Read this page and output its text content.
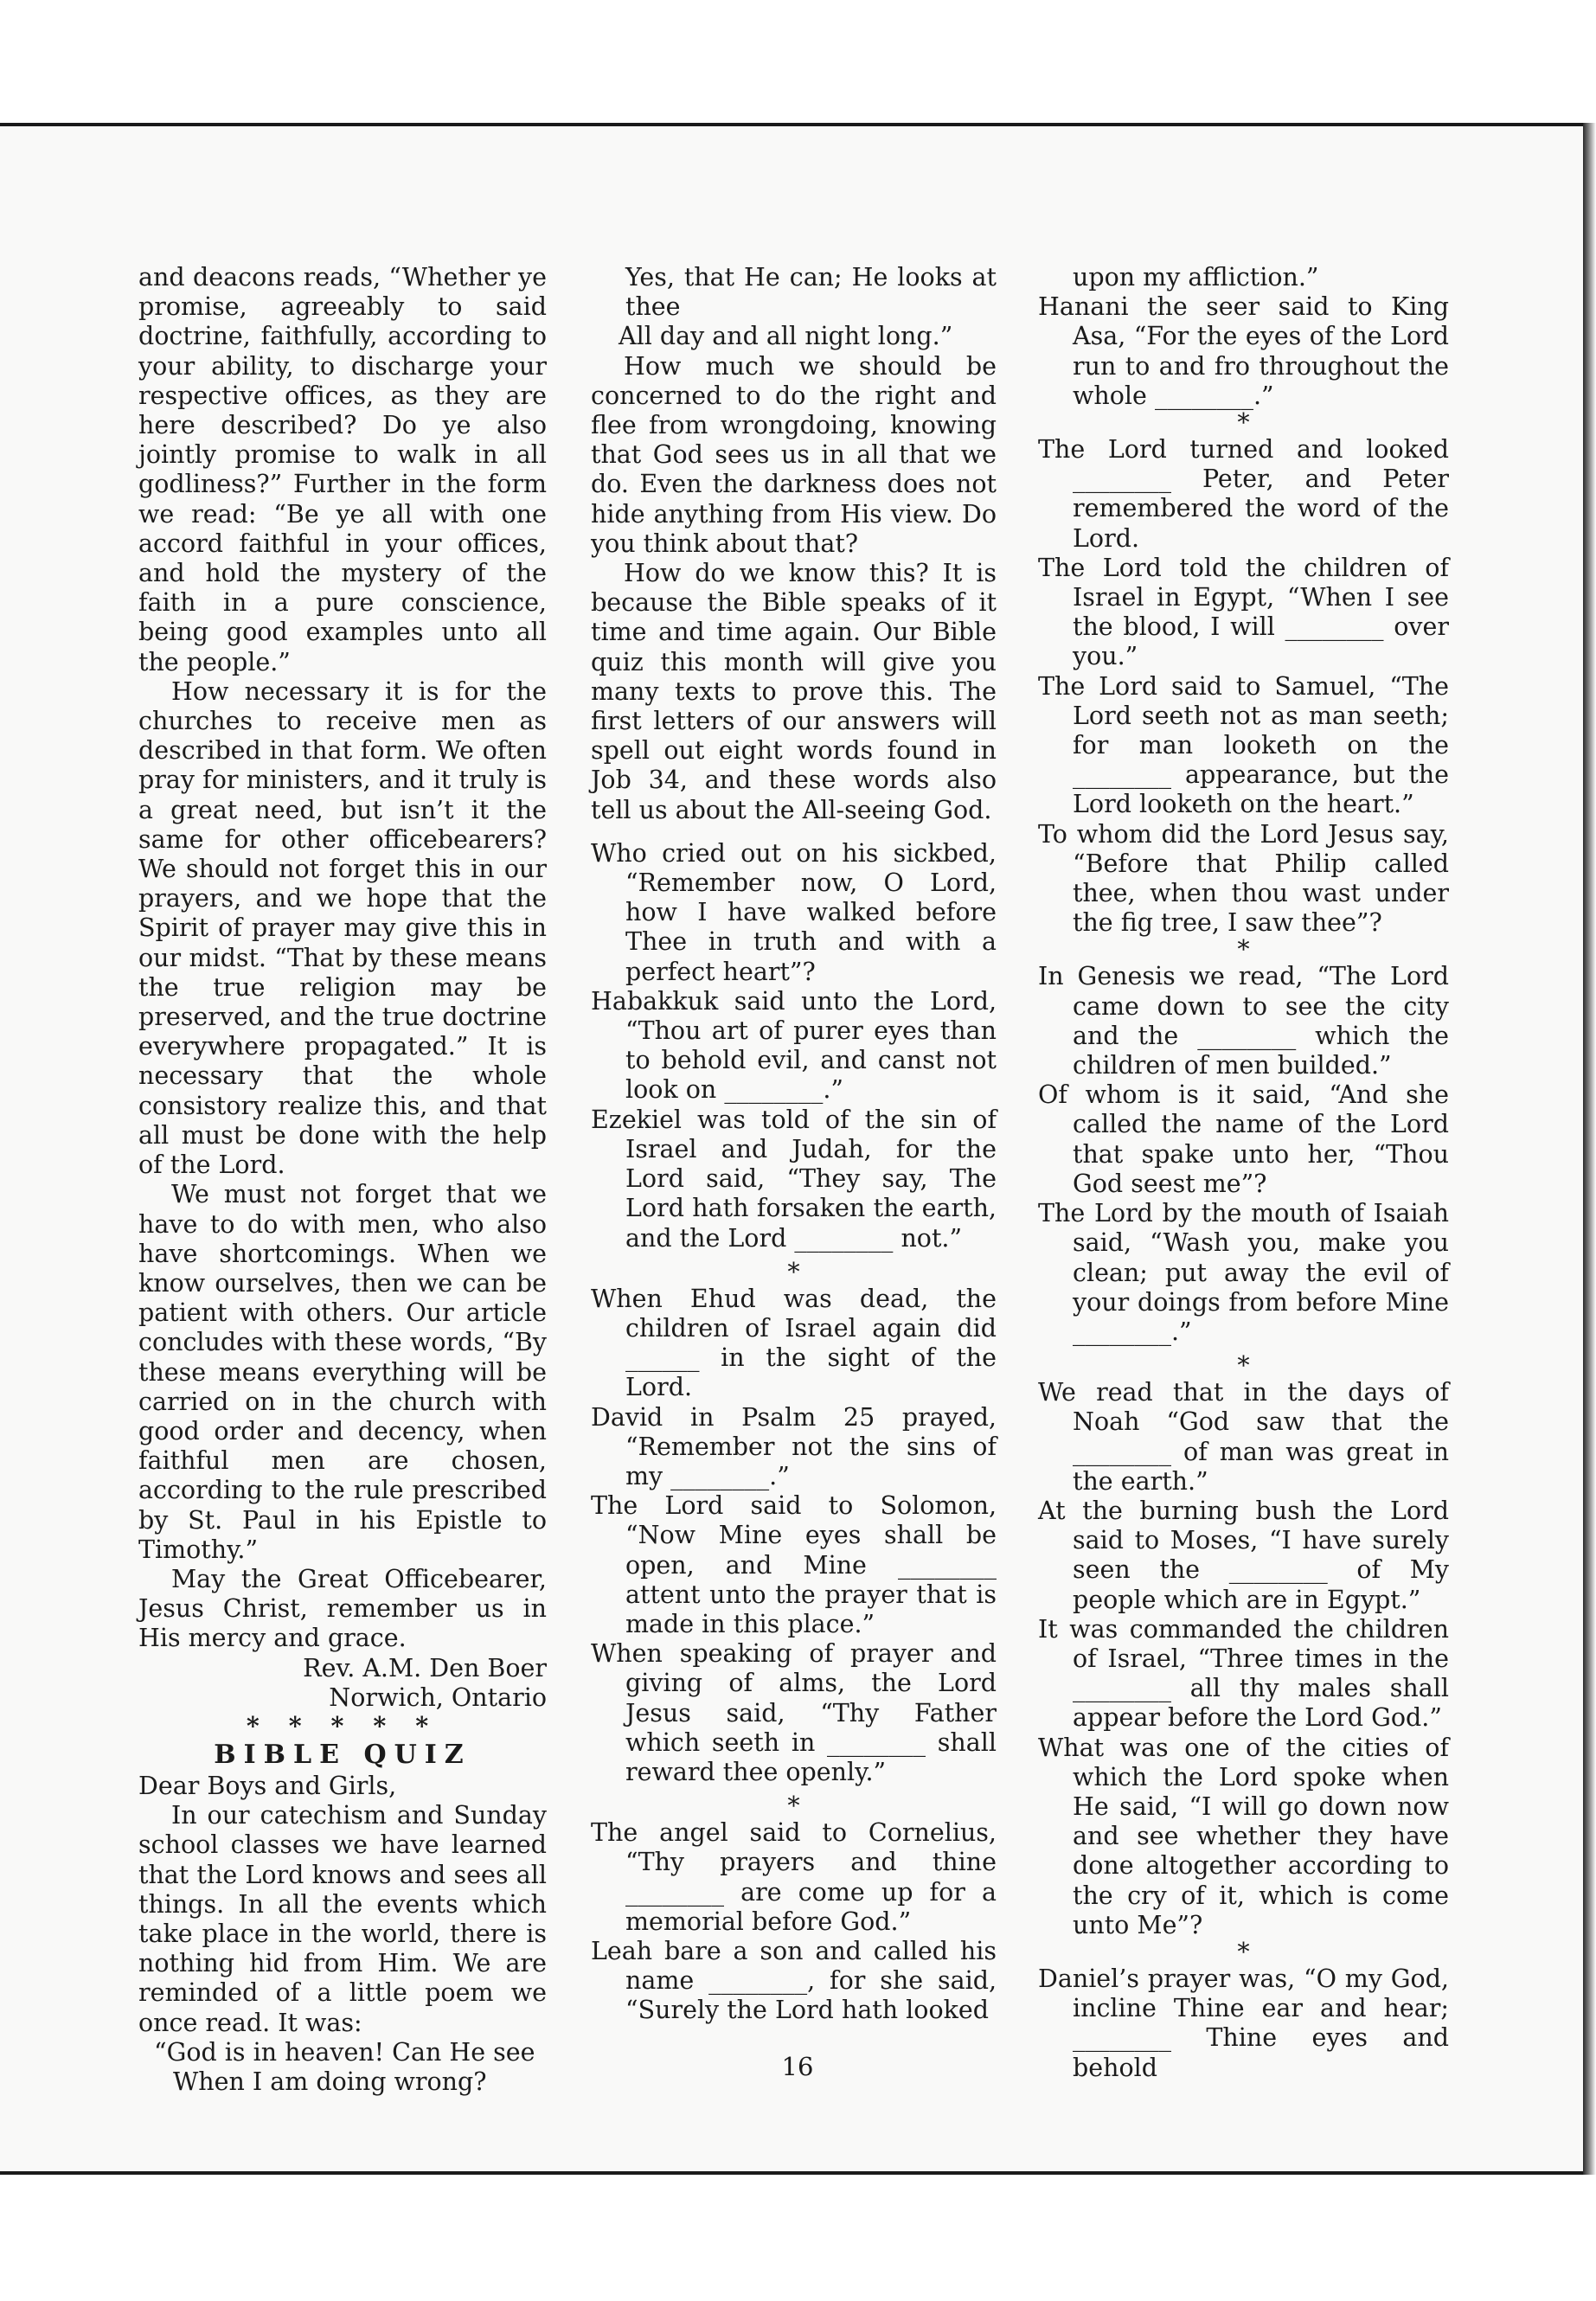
and deacons reads, “Whether ye promise, agreeably to said doctrine, faithfully, according to your ability, to discharge your respective offices, as they are here described? Do ye also jointly promise to walk in all godliness?” Further in the form we read: “Be ye all with one accord faithful in your offices, and hold the mystery of the faith in a pure conscience, being good examples unto all the people.”

How necessary it is for the churches to receive men as described in that form. We often pray for ministers, and it truly is a great need, but isn’t it the same for other officebearers? We should not forget this in our prayers, and we hope that the Spirit of prayer may give this in our midst. “That by these means the true religion may be preserved, and the true doctrine everywhere propagated.” It is necessary that the whole consistory realize this, and that all must be done with the help of the Lord.

We must not forget that we have to do with men, who also have shortcomings. When we know ourselves, then we can be patient with others. Our article concludes with these words, “By these means everything will be carried on in the church with good order and decency, when faithful men are chosen, according to the rule prescribed by St. Paul in his Epistle to Timothy.”

May the Great Officebearer, Jesus Christ, remember us in His mercy and grace.

Rev. A.M. Den Boer

Norwich, Ontario

* * * * *

BIBLE QUIZ

Dear Boys and Girls,

In our catechism and Sunday school classes we have learned that the Lord knows and sees all things. In all the events which take place in the world, there is nothing hid from Him. We are reminded of a little poem we once read. It was:

“God is in heaven! Can He see

When I am doing wrong?

Yes, that He can; He looks at thee

All day and all night long.”

How much we should be concerned to do the right and flee from wrongdoing, knowing that God sees us in all that we do. Even the darkness does not hide anything from His view. Do you think about that?

How do we know this? It is because the Bible speaks of it time and time again. Our Bible quiz this month will give you many texts to prove this. The first letters of our answers will spell out eight words found in Job 34, and these words also tell us about the All-seeing God.

Who cried out on his sickbed, “Remember now, O Lord, how I have walked before Thee in truth and with a perfect heart”?

Habakkuk said unto the Lord, “Thou art of purer eyes than to behold evil, and canst not look on ________.”

Ezekiel was told of the sin of Israel and Judah, for the Lord said, “They say, The Lord hath forsaken the earth, and the Lord ________ not.”

*

When Ehud was dead, the children of Israel again did ______ in the sight of the Lord.

David in Psalm 25 prayed, “Remember not the sins of my ________.”

The Lord said to Solomon, “Now Mine eyes shall be open, and Mine ________ attent unto the prayer that is made in this place.”

When speaking of prayer and giving of alms, the Lord Jesus said, “Thy Father which seeth in ________ shall reward thee openly.”

*

The angel said to Cornelius, “Thy prayers and thine ________ are come up for a memorial before God.”

Leah bare a son and called his name ________, for she said, “Surely the Lord hath looked

upon my affliction.”

Hanani the seer said to King Asa, “For the eyes of the Lord run to and fro throughout the whole ________.”

*

The Lord turned and looked ________ Peter, and Peter remembered the word of the Lord.

The Lord told the children of Israel in Egypt, “When I see the blood, I will ________ over you.”

The Lord said to Samuel, “The Lord seeth not as man seeth; for man looketh on the ________ appearance, but the Lord looketh on the heart.”

To whom did the Lord Jesus say, “Before that Philip called thee, when thou wast under the fig tree, I saw thee”?

*

In Genesis we read, “The Lord came down to see the city and the ________ which the children of men builded.”

Of whom is it said, “And she called the name of the Lord that spake unto her, “Thou God seest me”?

The Lord by the mouth of Isaiah said, “Wash you, make you clean; put away the evil of your doings from before Mine ________.”

*

We read that in the days of Noah “God saw that the ________ of man was great in the earth.”

At the burning bush the Lord said to Moses, “I have surely seen the ________ of My people which are in Egypt.”

It was commanded the children of Israel, “Three times in the ________ all thy males shall appear before the Lord God.”

What was one of the cities of which the Lord spoke when He said, “I will go down now and see whether they have done altogether according to the cry of it, which is come unto Me”?

*

Daniel’s prayer was, “O my God, incline Thine ear and hear; ________ Thine eyes and behold

16
